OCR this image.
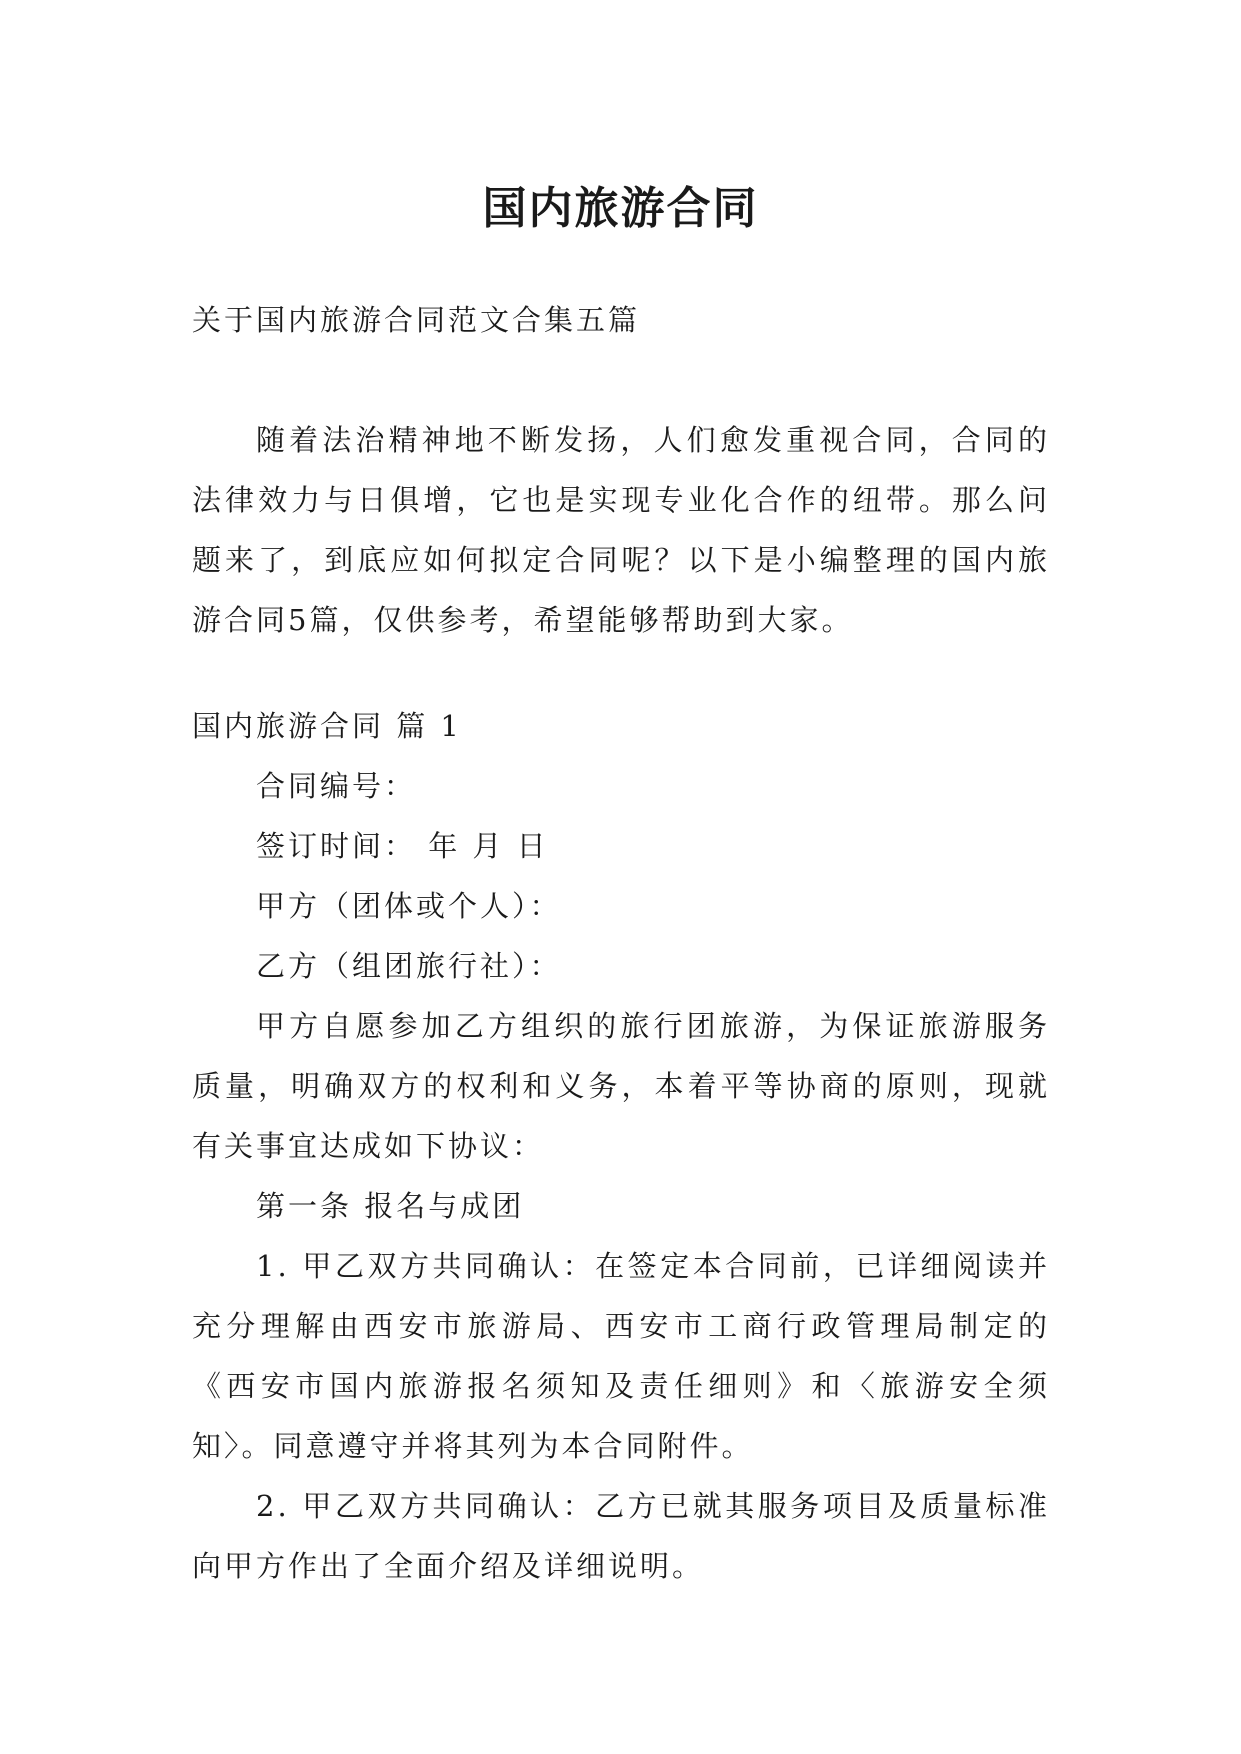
国内旅游合同

关于国内旅游合同范文合集五篇

随着法治精神地不断发扬，人们愈发重视合同，合同的法律效力与日俱增，它也是实现专业化合作的纽带。那么问题来了，到底应如何拟定合同呢？以下是小编整理的国内旅游合同5篇，仅供参考，希望能够帮助到大家。

国内旅游合同 篇 1

合同编号：

签订时间： 年 月 日

甲方（团体或个人）：

乙方（组团旅行社）：

甲方自愿参加乙方组织的旅行团旅游，为保证旅游服务质量，明确双方的权利和义务，本着平等协商的原则，现就有关事宜达成如下协议：

第一条 报名与成团

1. 甲乙双方共同确认：在签定本合同前，已详细阅读并充分理解由西安市旅游局、西安市工商行政管理局制定的《西安市国内旅游报名须知及责任细则》和〈旅游安全须知〉。同意遵守并将其列为本合同附件。

2. 甲乙双方共同确认：乙方已就其服务项目及质量标准向甲方作出了全面介绍及详细说明。
